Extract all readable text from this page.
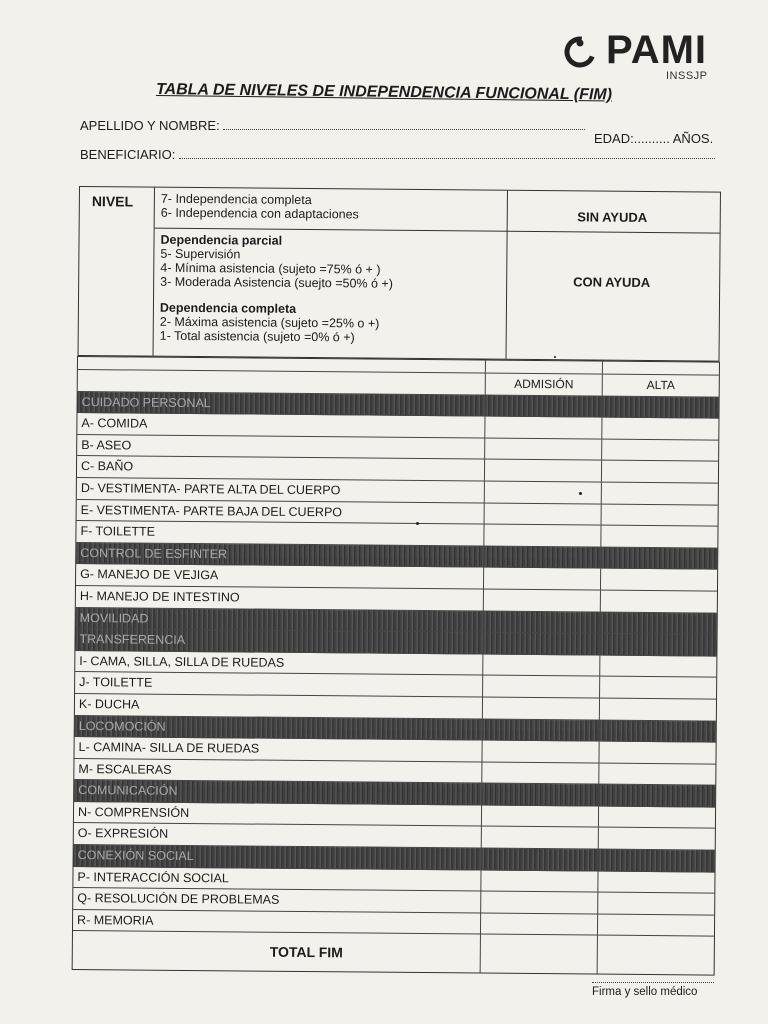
PAMI
INSSJP
TABLA DE NIVELES DE INDEPENDENCIA FUNCIONAL (FIM)
APELLIDO Y NOMBRE:
EDAD:.......... AÑOS.
BENEFICIARIO:
NIVEL 7- Independencia completa
6- Independencia con adaptaciones
Dependencia parcial
5- Supervisión
4- Mínima asistencia (sujeto =75% ó + )
3- Moderada Asistencia (suejto =50% ó +)
Dependencia completa
2- Máxima asistencia (sujeto =25% o +)
1- Total asistencia (sujeto =0% ó +)
SIN AYUDA
CON AYUDA
ADMISIÓN	ALTA
CUIDADO PERSONAL
A- COMIDA
B- ASEO
C- BAÑO
D- VESTIMENTA- PARTE ALTA DEL CUERPO
E- VESTIMENTA- PARTE BAJA DEL CUERPO
F- TOILETTE
CONTROL DE ESFINTER
G- MANEJO DE VEJIGA
H- MANEJO DE INTESTINO
MOVILIDAD
TRANSFERENCIA
I- CAMA, SILLA, SILLA DE RUEDAS
J- TOILETTE
K- DUCHA
LOCOMOCIÓN
L- CAMINA- SILLA DE RUEDAS
M- ESCALERAS
COMUNICACIÓN
N- COMPRENSIÓN
O- EXPRESIÓN
CONEXIÓN SOCIAL
P- INTERACCIÓN SOCIAL
Q- RESOLUCIÓN DE PROBLEMAS
R- MEMORIA
TOTAL FIM
Firma y sello médico
